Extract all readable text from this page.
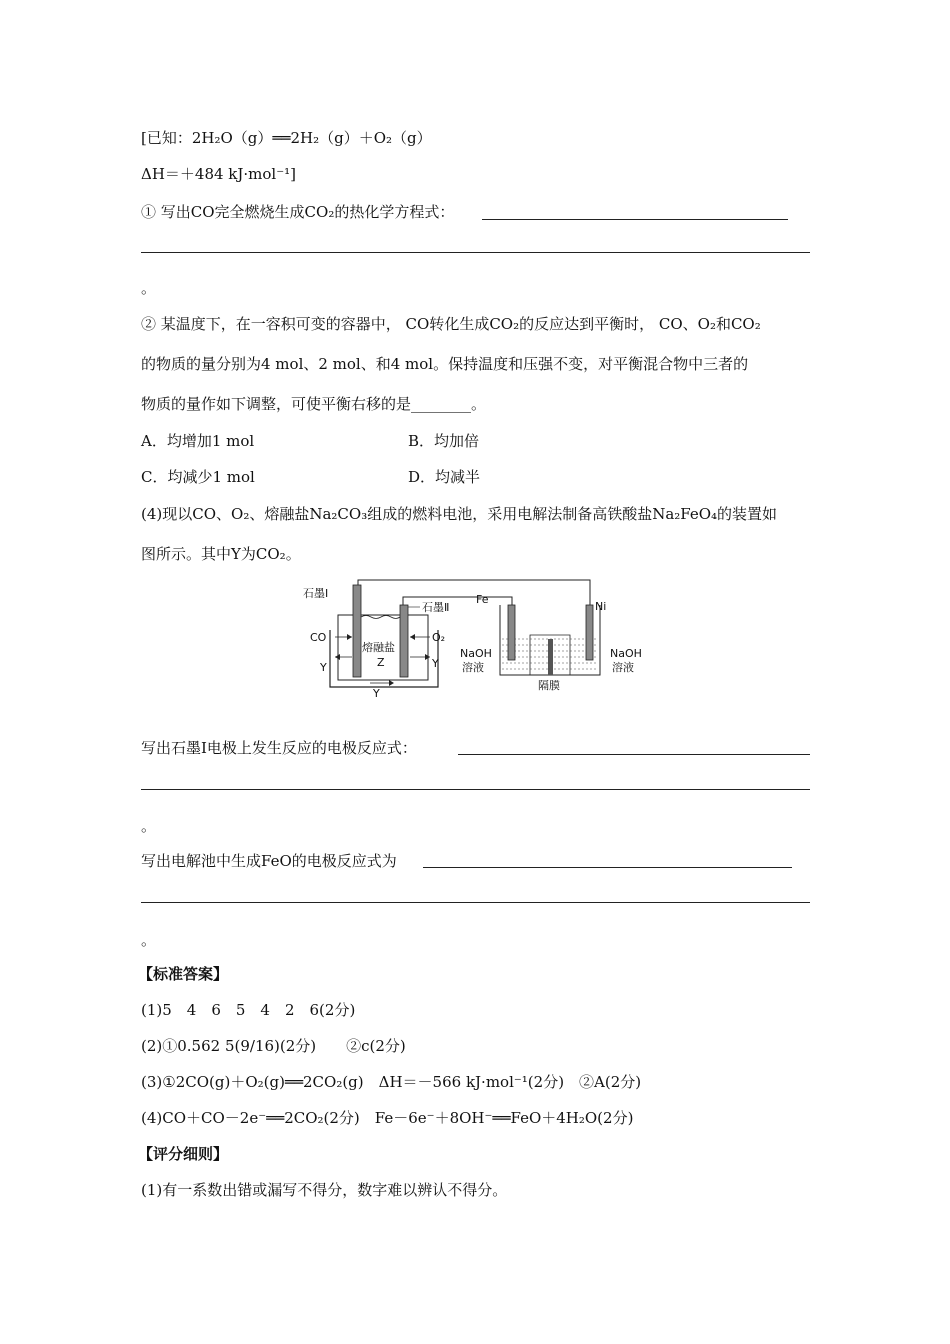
[已知：2H₂O（g）══2H₂（g）＋O₂（g）
ΔH＝＋484 kJ·mol⁻¹]
① 写出CO完全燃烧生成CO₂的热化学方程式：
。
② 某温度下，在一容积可变的容器中， CO转化生成CO₂的反应达到平衡时， CO、O₂和CO₂
的物质的量分别为4 mol、2 mol、和4 mol。保持温度和压强不变，对平衡混合物中三者的
物质的量作如下调整，可使平衡右移的是________。
A．均增加1 mol	B．均加倍
C．均减少1 mol	D．均减半
(4)现以CO、O₂、熔融盐Na₂CO₃组成的燃料电池，采用电解法制备高铁酸盐Na₂FeO₄的装置如
图所示。其中Y为CO₂。
石墨Ⅰ
石墨Ⅱ
CO	O₂
熔融盐
Z
Y	Y
Y
Fe
Ni
NaOH
溶液
NaOH
溶液
隔膜
写出石墨Ⅰ电极上发生反应的电极反应式：
。
写出电解池中生成FeO的电极反应式为
。
【标准答案】
(1)5　4　6　5　4　2　6(2分)
(2)①0.562 5(9/16)(2分)　　②c(2分)
(3)①2CO(g)＋O₂(g)══2CO₂(g)　ΔH＝－566 kJ·mol⁻¹(2分)　②A(2分)
(4)CO＋CO－2e⁻══2CO₂(2分)　Fe－6e⁻＋8OH⁻══FeO＋4H₂O(2分)
【评分细则】
(1)有一系数出错或漏写不得分，数字难以辨认不得分。
